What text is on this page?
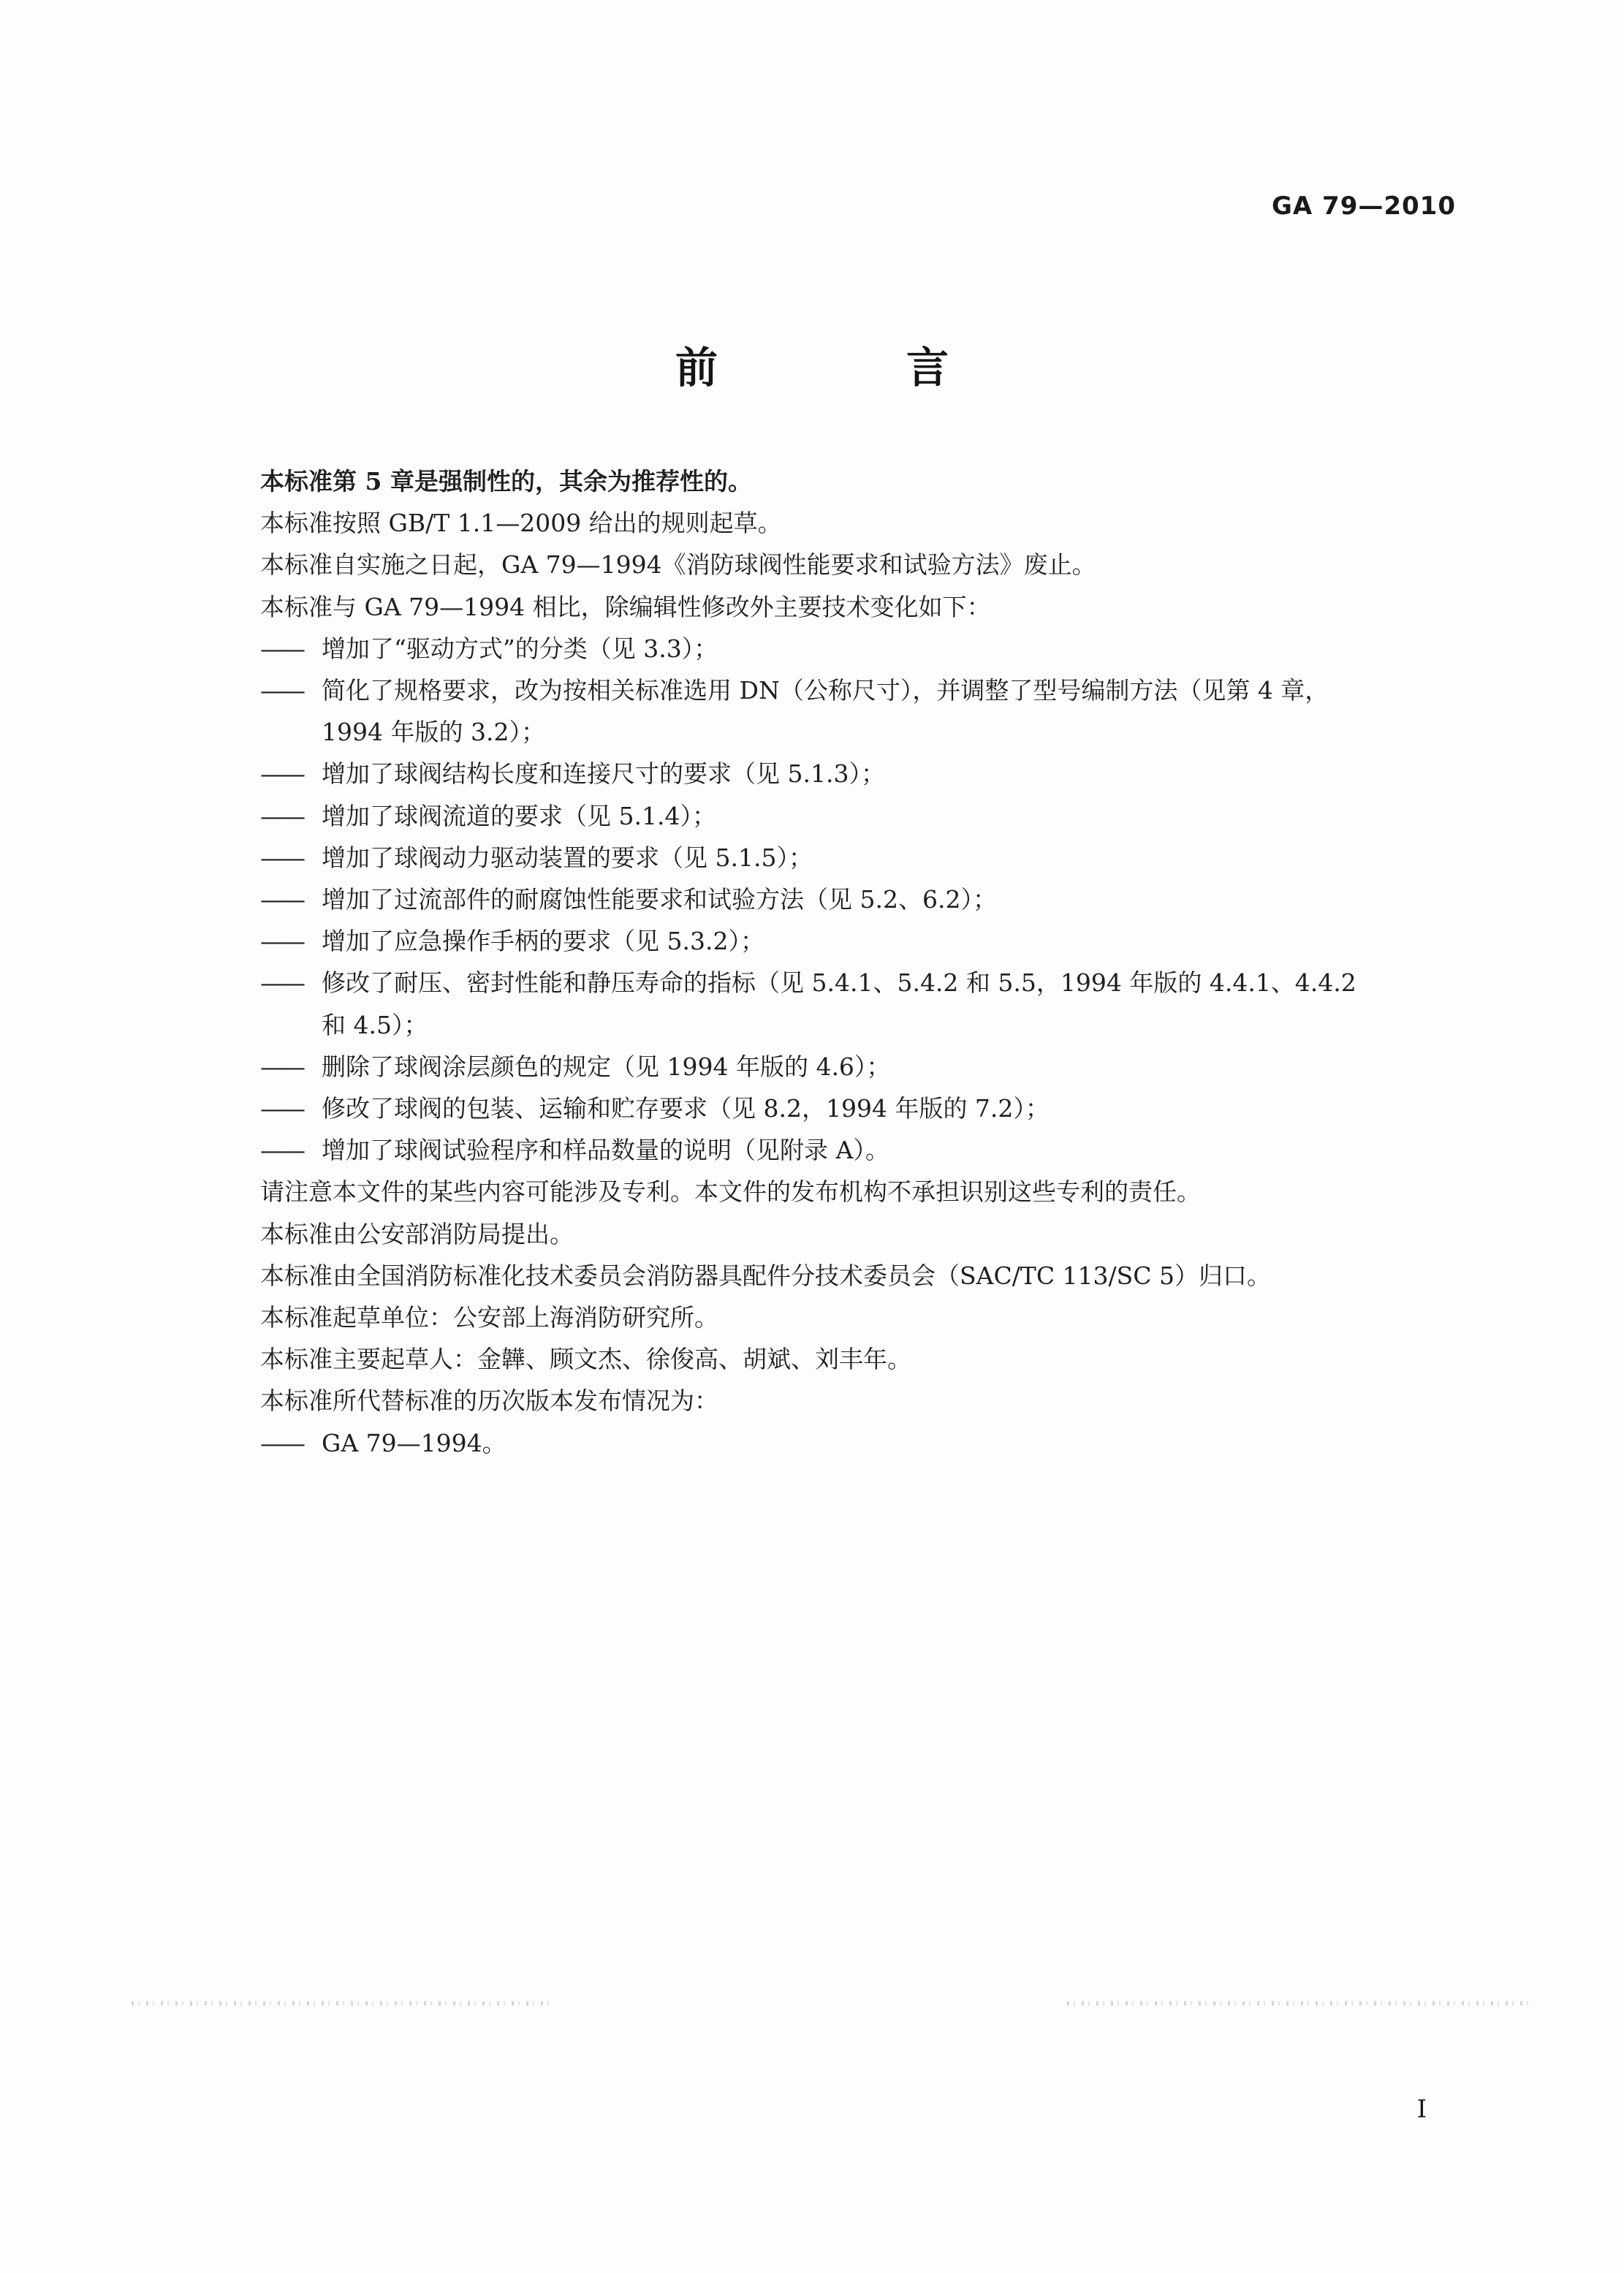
GA 79—2010
前　言

本标准第 5 章是强制性的，其余为推荐性的。

本标准按照 GB/T 1.1—2009 给出的规则起草。

本标准自实施之日起，GA 79—1994《消防球阀性能要求和试验方法》废止。

本标准与 GA 79—1994 相比，除编辑性修改外主要技术变化如下：

—— 增加了“驱动方式”的分类（见 3.3）；

—— 简化了规格要求，改为按相关标准选用 DN（公称尺寸），并调整了型号编制方法（见第 4 章，

1994 年版的 3.2）；

—— 增加了球阀结构长度和连接尺寸的要求（见 5.1.3）；

—— 增加了球阀流道的要求（见 5.1.4）；

—— 增加了球阀动力驱动装置的要求（见 5.1.5）；

—— 增加了过流部件的耐腐蚀性能要求和试验方法（见 5.2、6.2）；

—— 增加了应急操作手柄的要求（见 5.3.2）；

—— 修改了耐压、密封性能和静压寿命的指标（见 5.4.1、5.4.2 和 5.5，1994 年版的 4.4.1、4.4.2

和 4.5）；

—— 删除了球阀涂层颜色的规定（见 1994 年版的 4.6）；

—— 修改了球阀的包装、运输和贮存要求（见 8.2，1994 年版的 7.2）；

—— 增加了球阀试验程序和样品数量的说明（见附录 A）。

请注意本文件的某些内容可能涉及专利。本文件的发布机构不承担识别这些专利的责任。

本标准由公安部消防局提出。

本标准由全国消防标准化技术委员会消防器具配件分技术委员会（SAC/TC 113/SC 5）归口。

本标准起草单位：公安部上海消防研究所。

本标准主要起草人：金韡、顾文杰、徐俊高、胡斌、刘丰年。

本标准所代替标准的历次版本发布情况为：

—— GA 79—1994。

I
